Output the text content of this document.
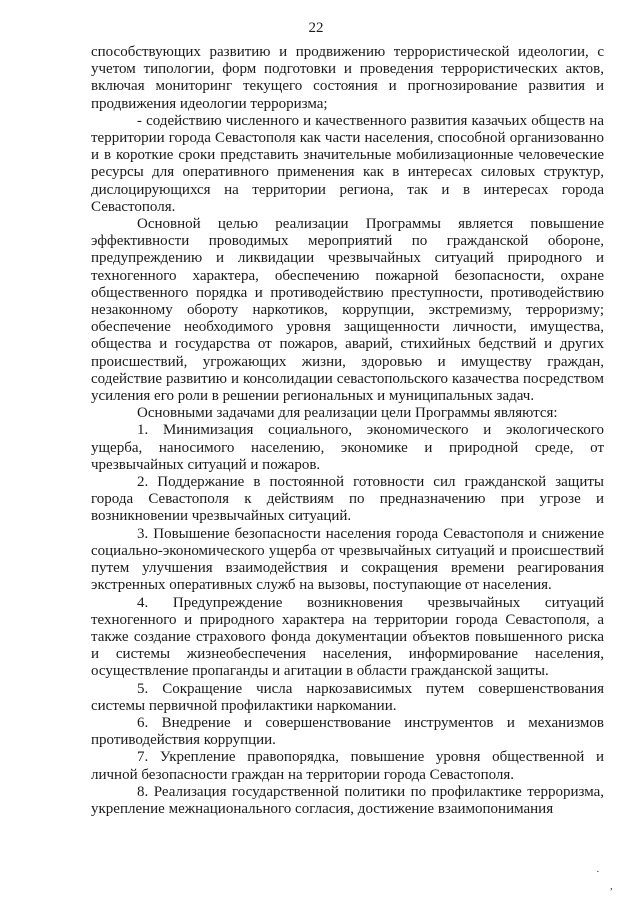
22

способствующих развитию и продвижению террористической идеологии, с учетом типологии, форм подготовки и проведения террористических актов, включая мониторинг текущего состояния и прогнозирование развития и продвижения идеологии терроризма;

- содействию численного и качественного развития казачьих обществ на территории города Севастополя как части населения, способной организованно и в короткие сроки представить значительные мобилизационные человеческие ресурсы для оперативного применения как в интересах силовых структур, дислоцирующихся на территории региона, так и в интересах города Севастополя.

Основной целью реализации Программы является повышение эффективности проводимых мероприятий по гражданской обороне, предупреждению и ликвидации чрезвычайных ситуаций природного и техногенного характера, обеспечению пожарной безопасности, охране общественного порядка и противодействию преступности, противодействию незаконному обороту наркотиков, коррупции, экстремизму, терроризму; обеспечение необходимого уровня защищенности личности, имущества, общества и государства от пожаров, аварий, стихийных бедствий и других происшествий, угрожающих жизни, здоровью и имуществу граждан, содействие развитию и консолидации севастопольского казачества посредством усиления его роли в решении региональных и муниципальных задач.

Основными задачами для реализации цели Программы являются:

1. Минимизация социального, экономического и экологического ущерба, наносимого населению, экономике и природной среде, от чрезвычайных ситуаций и пожаров.

2. Поддержание в постоянной готовности сил гражданской защиты города Севастополя к действиям по предназначению при угрозе и возникновении чрезвычайных ситуаций.

3. Повышение безопасности населения города Севастополя и снижение социально-экономического ущерба от чрезвычайных ситуаций и происшествий путем улучшения взаимодействия и сокращения времени реагирования экстренных оперативных служб на вызовы, поступающие от населения.

4. Предупреждение возникновения чрезвычайных ситуаций техногенного и природного характера на территории города Севастополя, а также создание страхового фонда документации объектов повышенного риска и системы жизнеобеспечения населения, информирование населения, осуществление пропаганды и агитации в области гражданской защиты.

5. Сокращение числа наркозависимых путем совершенствования системы первичной профилактики наркомании.

6. Внедрение и совершенствование инструментов и механизмов противодействия коррупции.

7. Укрепление правопорядка, повышение уровня общественной и личной безопасности граждан на территории города Севастополя.

8. Реализация государственной политики по профилактике терроризма, укрепление межнационального согласия, достижение взаимопонимания

·
,
